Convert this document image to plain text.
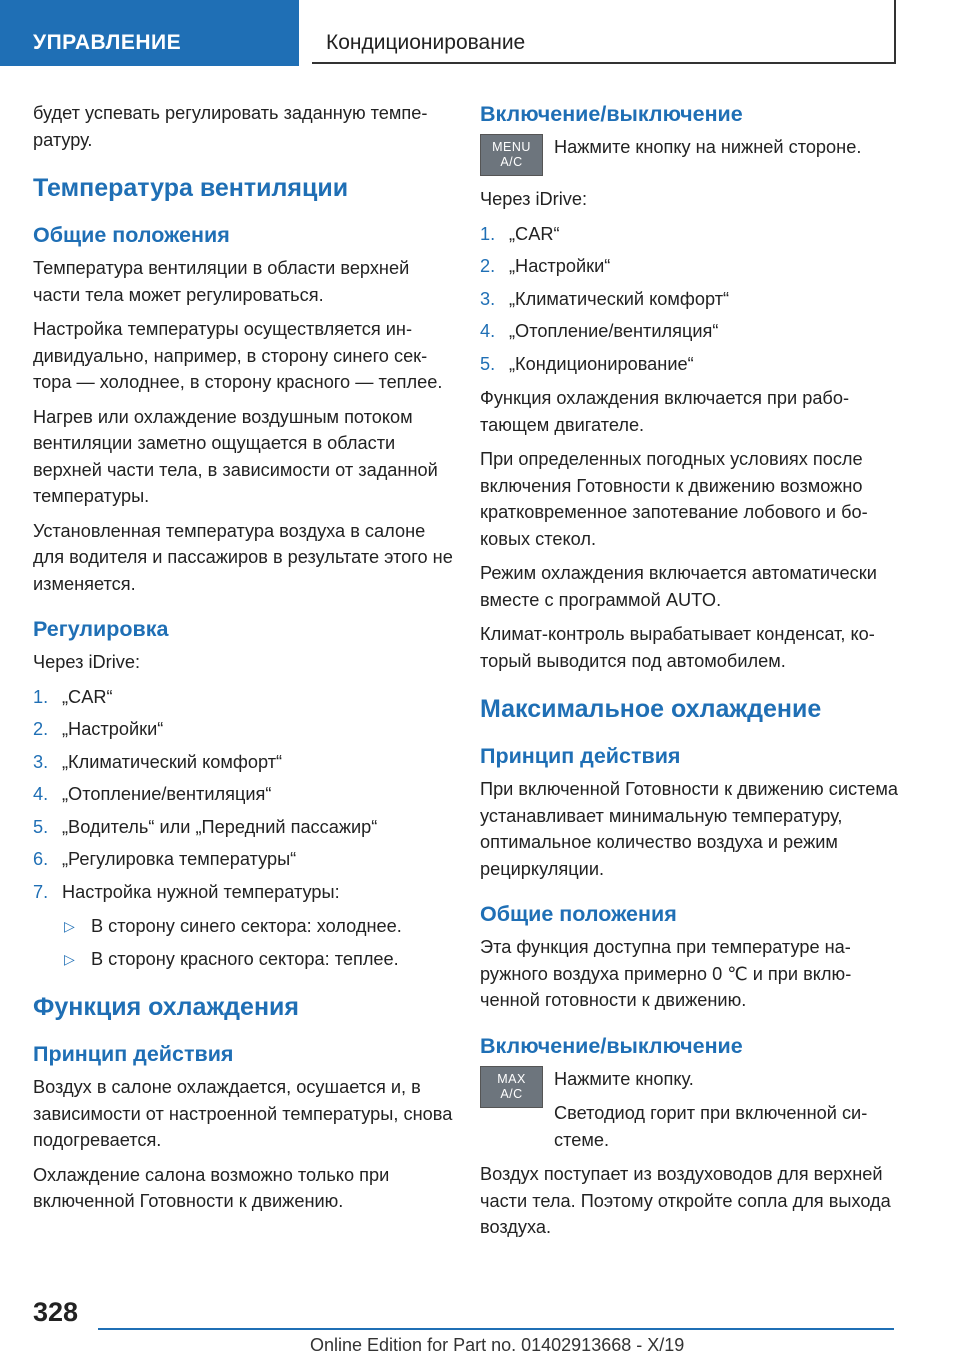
УПРАВЛЕНИЕ	Кондиционирование

будет успевать регулировать заданную температуру.

Температура вентиляции
Общие положения

Температура вентиляции в области верхней части тела может регулироваться.

Настройка температуры осуществляется индивидуально, например, в сторону синего сектора — холоднее, в сторону красного — теплее.

Нагрев или охлаждение воздушным потоком вентиляции заметно ощущается в области верхней части тела, в зависимости от заданной температуры.

Установленная температура воздуха в салоне для водителя и пассажиров в результате этого не изменяется.

Регулировка

Через iDrive:

1. „CAR“
2. „Настройки“
3. „Климатический комфорт“
4. „Отопление/вентиляция“
5. „Водитель“ или „Передний пассажир“
6. „Регулировка температуры“
7. Настройка нужной температуры:
▷ В сторону синего сектора: холоднее.
▷ В сторону красного сектора: теплее.
Функция охлаждения
Принцип действия

Воздух в салоне охлаждается, осушается и, в зависимости от настроенной температуры, снова подогревается.

Охлаждение салона возможно только при включенной Готовности к движению.

Включение/выключение
MENU
A/C

Нажмите кнопку на нижней стороне.

Через iDrive:

1. „CAR“
2. „Настройки“
3. „Климатический комфорт“
4. „Отопление/вентиляция“
5. „Кондиционирование“

Функция охлаждения включается при работающем двигателе.

При определенных погодных условиях после включения Готовности к движению возможно кратковременное запотевание лобового и боковых стекол.

Режим охлаждения включается автоматически вместе с программой AUTO.

Климат-контроль вырабатывает конденсат, который выводится под автомобилем.

Максимальное охлаждение
Принцип действия

При включенной Готовности к движению система устанавливает минимальную температуру, оптимальное количество воздуха и режим рециркуляции.

Общие положения

Эта функция доступна при температуре наружного воздуха примерно 0 ℃ и при включенной готовности к движению.

Включение/выключение
MAX
A/C

Нажмите кнопку.

Светодиод горит при включенной системе.

Воздух поступает из воздуховодов для верхней части тела. Поэтому откройте сопла для выхода воздуха.

328
Online Edition for Part no. 01402913668 - X/19
